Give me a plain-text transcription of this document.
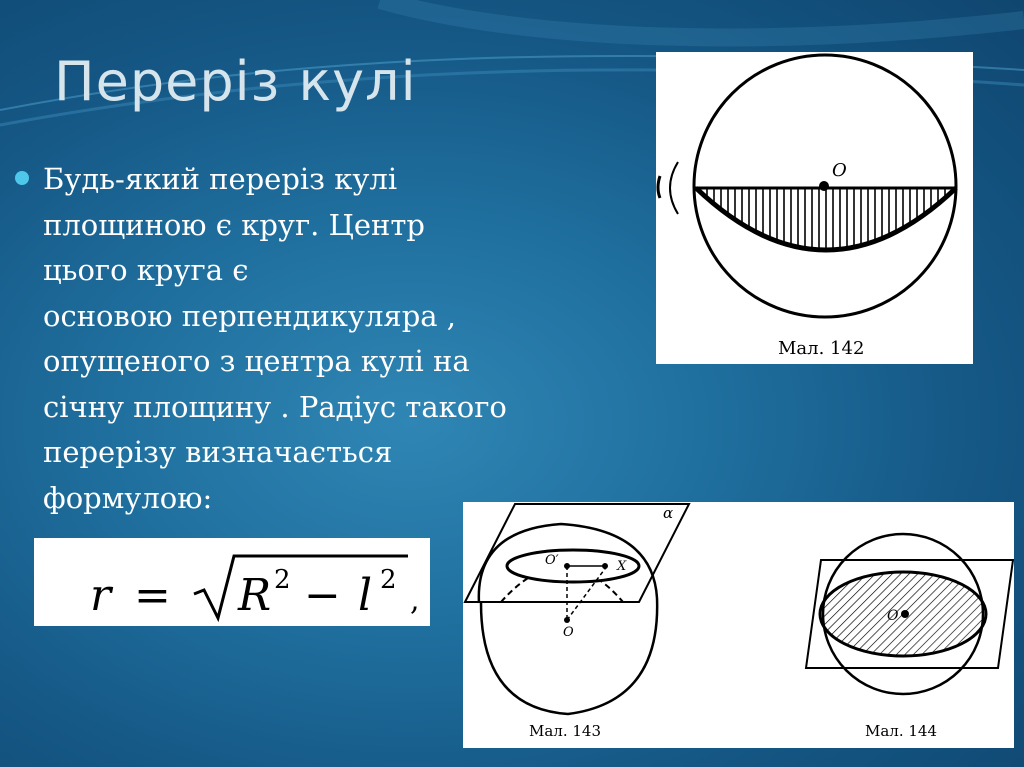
Переріз кулі

Будь-який переріз кулі
площиною є круг. Центр
цього круга є
основою перпендикуляра ,
опущеного з центра кулі на
січну площину . Радіус такого
перерізу визначається
формулою:

r = R 2 − l 2
,
O
Мал. 142
α
O′	X
O
Мал. 143
O
Мал. 144
